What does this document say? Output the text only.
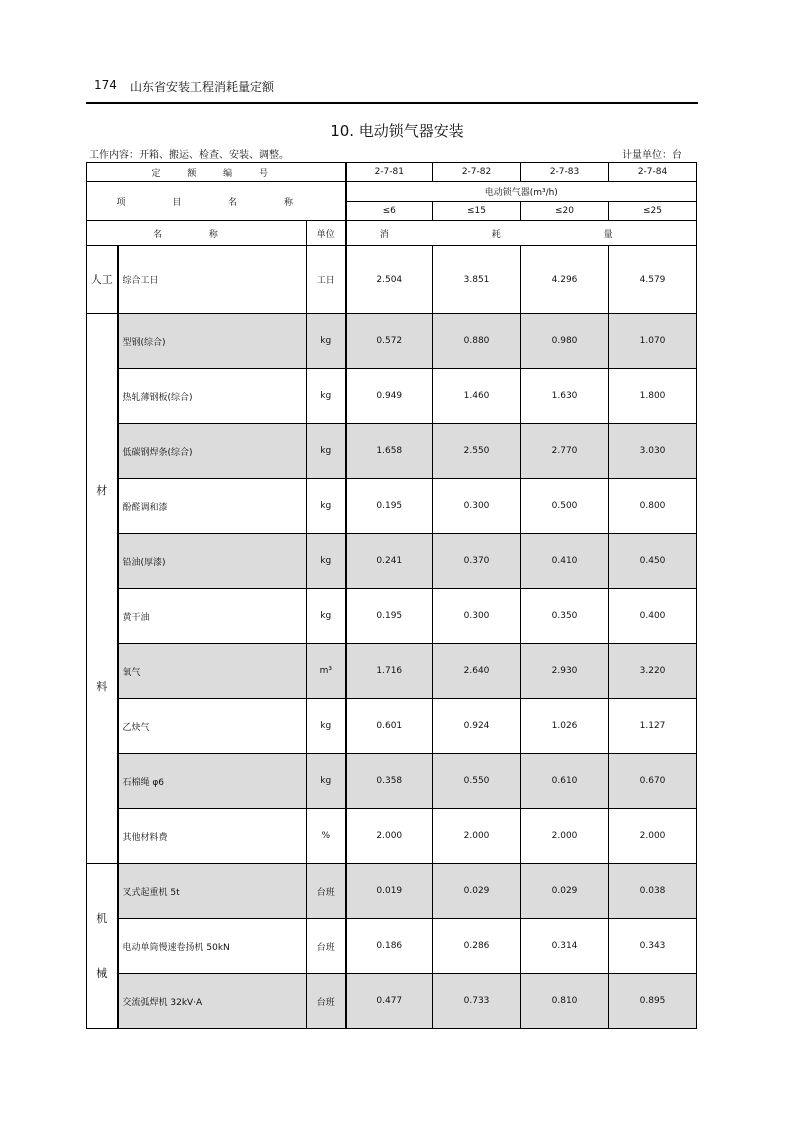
174 山东省安装工程消耗量定额
10. 电动锁气器安装
工作内容：开箱、搬运、检查、安装、调整。	计量单位：台
定 额 编 号			2-7-81	2-7-82	2-7-83	2-7-84
项 目 名 称			电动锁气器(m³/h)			
			≤6	≤15	≤20	≤25
名 称		单位	消 耗 量			

人工	综合工日	工日	2.504	3.851	4.296	4.579

材
料	型钢(综合)	kg	0.572	0.880	0.980	1.070
	热轧薄钢板(综合)	kg	0.949	1.460	1.630	1.800
	低碳钢焊条(综合)	kg	1.658	2.550	2.770	3.030
	酚醛调和漆	kg	0.195	0.300	0.500	0.800
	铅油(厚漆)	kg	0.241	0.370	0.410	0.450
	黄干油	kg	0.195	0.300	0.350	0.400
	氧气	m³	1.716	2.640	2.930	3.220
	乙炔气	kg	0.601	0.924	1.026	1.127
	石棉绳 φ6	kg	0.358	0.550	0.610	0.670
	其他材料费	%	2.000	2.000	2.000	2.000

机
械	叉式起重机 5t	台班	0.019	0.029	0.029	0.038
	电动单筒慢速卷扬机 50kN	台班	0.186	0.286	0.314	0.343
	交流弧焊机 32kV·A	台班	0.477	0.733	0.810	0.895
